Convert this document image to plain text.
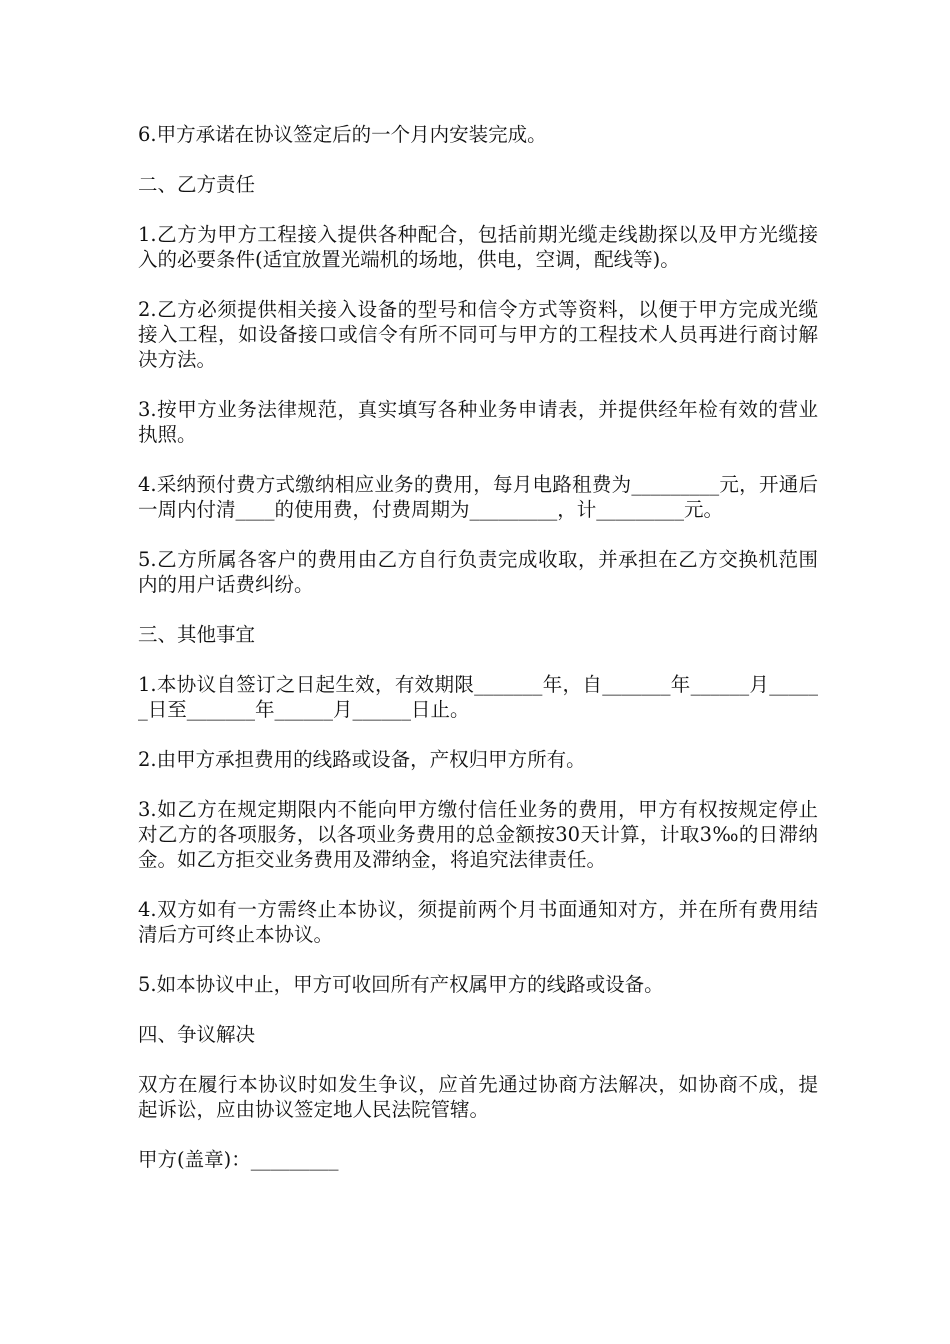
6.甲方承诺在协议签定后的一个月内安装完成。

二、乙方责任

1.乙方为甲方工程接入提供各种配合，包括前期光缆走线勘探以及甲方光缆接入的必要条件(适宜放置光端机的场地，供电，空调，配线等)。

2.乙方必须提供相关接入设备的型号和信令方式等资料，以便于甲方完成光缆接入工程，如设备接口或信令有所不同可与甲方的工程技术人员再进行商讨解决方法。

3.按甲方业务法律规范，真实填写各种业务申请表，并提供经年检有效的营业执照。

4.采纳预付费方式缴纳相应业务的费用，每月电路租费为_________元，开通后一周内付清____的使用费，付费周期为_________，计_________元。

5.乙方所属各客户的费用由乙方自行负责完成收取，并承担在乙方交换机范围内的用户话费纠纷。

三、其他事宜

1.本协议自签订之日起生效，有效期限_______年，自_______年______月______日至_______年______月______日止。

2.由甲方承担费用的线路或设备，产权归甲方所有。

3.如乙方在规定期限内不能向甲方缴付信任业务的费用，甲方有权按规定停止对乙方的各项服务，以各项业务费用的总金额按30天计算，计取3‰的日滞纳金。如乙方拒交业务费用及滞纳金，将追究法律责任。

4.双方如有一方需终止本协议，须提前两个月书面通知对方，并在所有费用结清后方可终止本协议。

5.如本协议中止，甲方可收回所有产权属甲方的线路或设备。

四、争议解决

双方在履行本协议时如发生争议，应首先通过协商方法解决，如协商不成，提起诉讼，应由协议签定地人民法院管辖。

甲方(盖章)：_________
